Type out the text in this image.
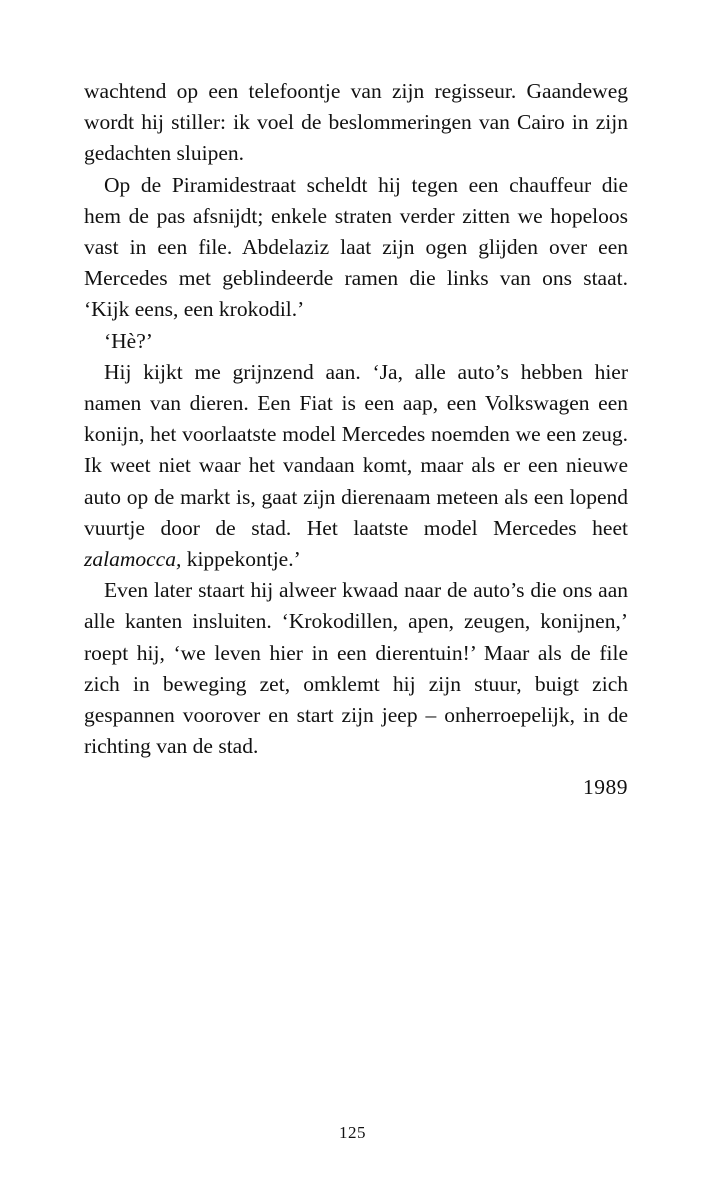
wachtend op een telefoontje van zijn regisseur. Gaandeweg wordt hij stiller: ik voel de beslommeringen van Cairo in zijn gedachten sluipen.

Op de Piramidestraat scheldt hij tegen een chauffeur die hem de pas afsnijdt; enkele straten verder zitten we hopeloos vast in een file. Abdelaziz laat zijn ogen glijden over een Mercedes met geblindeerde ramen die links van ons staat. ‘Kijk eens, een krokodil.’

‘Hè?’

Hij kijkt me grijnzend aan. ‘Ja, alle auto’s hebben hier namen van dieren. Een Fiat is een aap, een Volkswagen een konijn, het voorlaatste model Mercedes noemden we een zeug. Ik weet niet waar het vandaan komt, maar als er een nieuwe auto op de markt is, gaat zijn dierenaam meteen als een lopend vuurtje door de stad. Het laatste model Mercedes heet zalamocca, kippekontje.’

Even later staart hij alweer kwaad naar de auto’s die ons aan alle kanten insluiten. ‘Krokodillen, apen, zeugen, konijnen,’ roept hij, ‘we leven hier in een dierentuin!’ Maar als de file zich in beweging zet, omklemt hij zijn stuur, buigt zich gespannen voorover en start zijn jeep – onherroepelijk, in de richting van de stad.

1989
125
